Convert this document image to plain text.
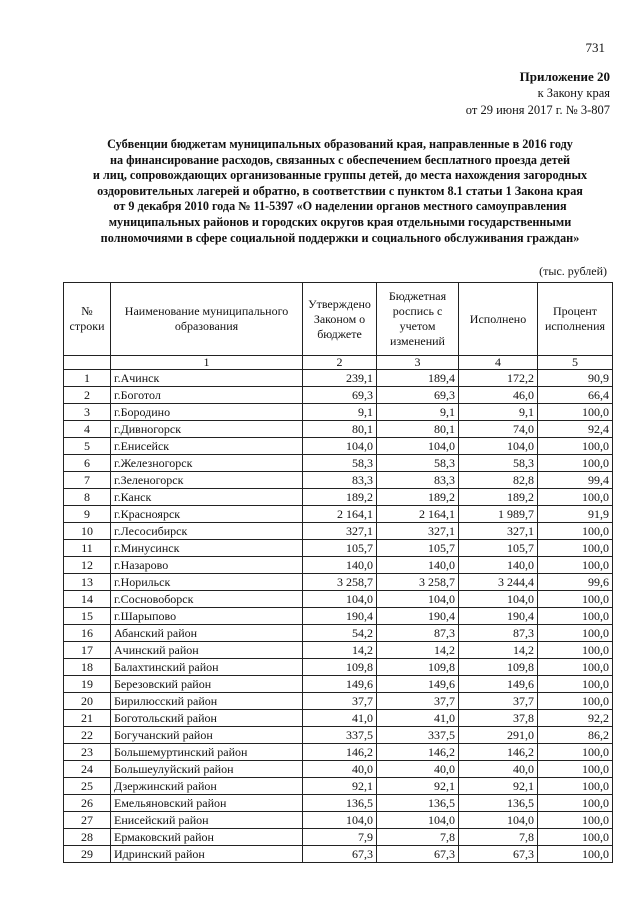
731
Приложение 20
к Закону края
от 29 июня 2017 г. № 3-807
Субвенции бюджетам муниципальных образований края, направленные в 2016 году
на финансирование расходов, связанных с обеспечением бесплатного проезда детей
и лиц, сопровождающих организованные группы детей, до места нахождения загородных
оздоровительных лагерей и обратно, в соответствии с пунктом 8.1 статьи 1 Закона края
от 9 декабря 2010 года № 11-5397 «О наделении органов местного самоуправления
муниципальных районов и городских округов края отдельными государственными
полномочиями в сфере социальной поддержки и социального обслуживания граждан»
(тыс. рублей)
№ строки	Наименование муниципального образования	Утверждено Законом о бюджете	Бюджетная роспись с учетом изменений	Исполнено	Процент исполнения
	1	2	3	4	5
1	г.Ачинск	239,1	189,4	172,2	90,9
2	г.Боготол	69,3	69,3	46,0	66,4
3	г.Бородино	9,1	9,1	9,1	100,0
4	г.Дивногорск	80,1	80,1	74,0	92,4
5	г.Енисейск	104,0	104,0	104,0	100,0
6	г.Железногорск	58,3	58,3	58,3	100,0
7	г.Зеленогорск	83,3	83,3	82,8	99,4
8	г.Канск	189,2	189,2	189,2	100,0
9	г.Красноярск	2 164,1	2 164,1	1 989,7	91,9
10	г.Лесосибирск	327,1	327,1	327,1	100,0
11	г.Минусинск	105,7	105,7	105,7	100,0
12	г.Назарово	140,0	140,0	140,0	100,0
13	г.Норильск	3 258,7	3 258,7	3 244,4	99,6
14	г.Сосновоборск	104,0	104,0	104,0	100,0
15	г.Шарыпово	190,4	190,4	190,4	100,0
16	Абанский район	54,2	87,3	87,3	100,0
17	Ачинский район	14,2	14,2	14,2	100,0
18	Балахтинский район	109,8	109,8	109,8	100,0
19	Березовский район	149,6	149,6	149,6	100,0
20	Бирилюсский район	37,7	37,7	37,7	100,0
21	Боготольский район	41,0	41,0	37,8	92,2
22	Богучанский район	337,5	337,5	291,0	86,2
23	Большемуртинский район	146,2	146,2	146,2	100,0
24	Большеулуйский район	40,0	40,0	40,0	100,0
25	Дзержинский район	92,1	92,1	92,1	100,0
26	Емельяновский район	136,5	136,5	136,5	100,0
27	Енисейский район	104,0	104,0	104,0	100,0
28	Ермаковский район	7,9	7,8	7,8	100,0
29	Идринский район	67,3	67,3	67,3	100,0
